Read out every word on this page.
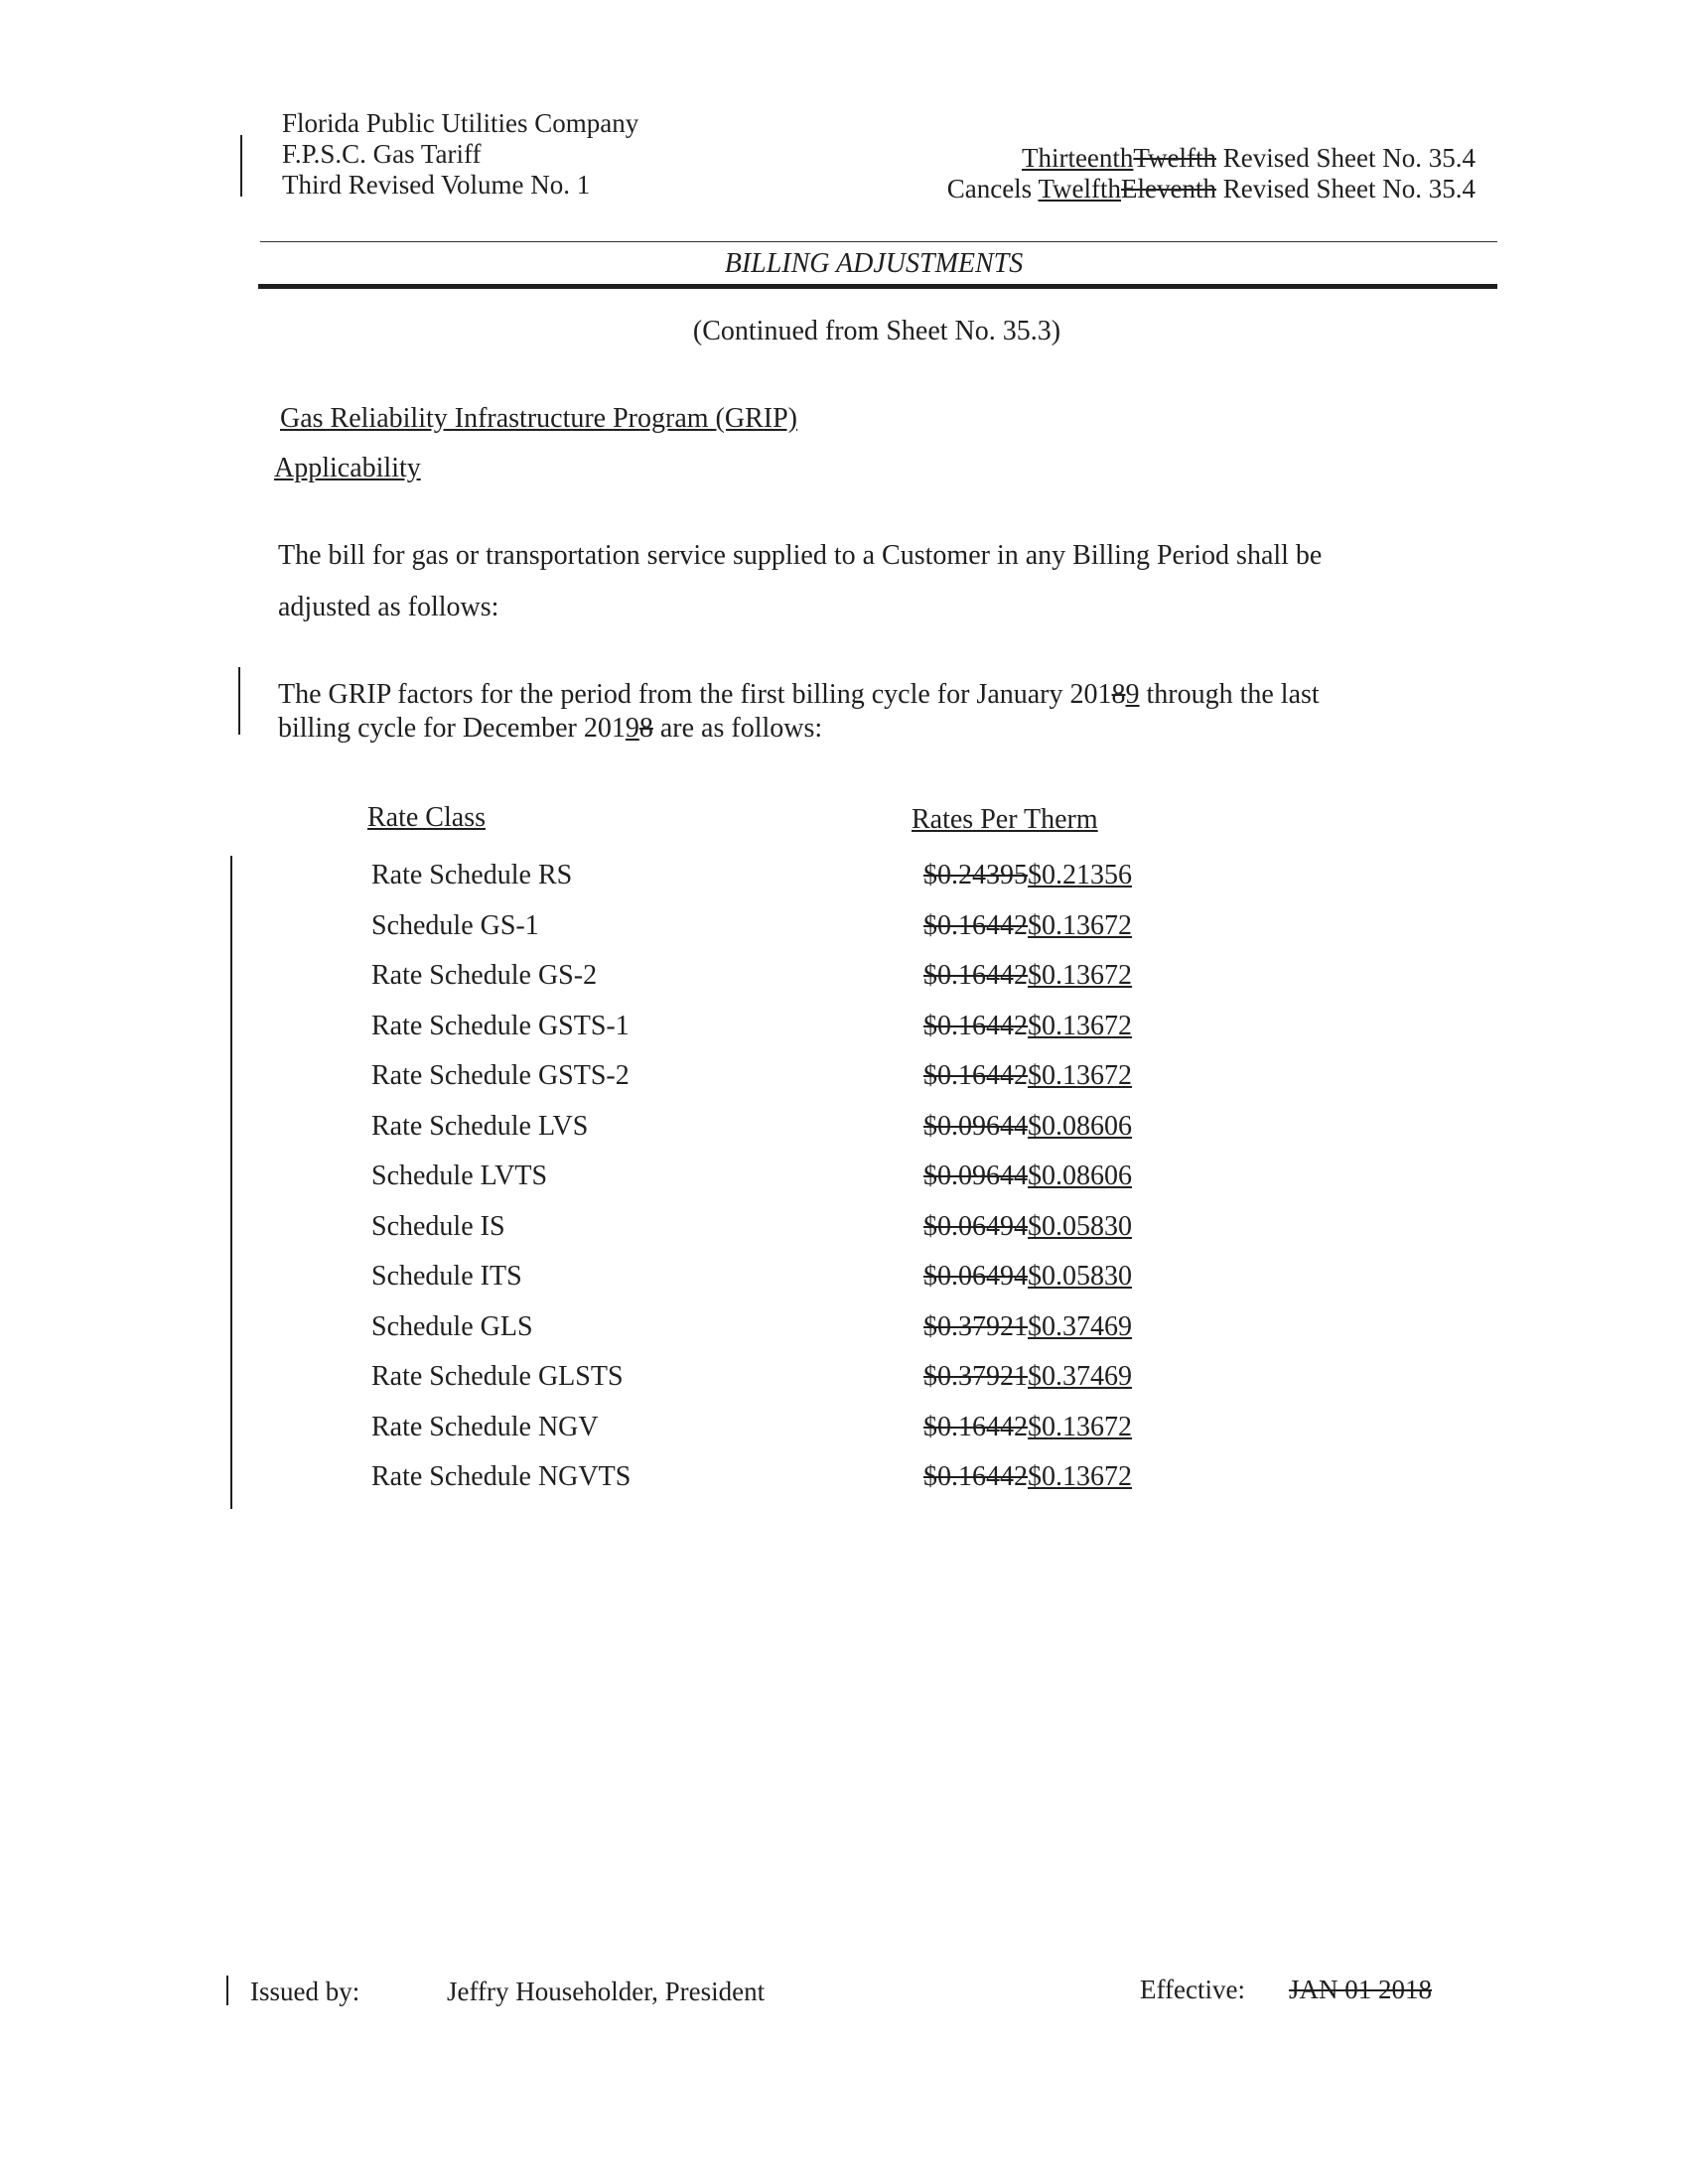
Florida Public Utilities Company
F.P.S.C. Gas Tariff
Third Revised Volume No. 1
ThirteenthTwelfth Revised Sheet No. 35.4
Cancels TwelfthEleventh Revised Sheet No. 35.4
BILLING ADJUSTMENTS
(Continued from Sheet No. 35.3)
Gas Reliability Infrastructure Program (GRIP)
Applicability
The bill for gas or transportation service supplied to a Customer in any Billing Period shall be
adjusted as follows:
The GRIP factors for the period from the first billing cycle for January 20189 through the last
billing cycle for December 20198 are as follows:
Rate Class	Rates Per Therm
Rate Schedule RS	$0.24395$0.21356
Schedule GS-1	$0.16442$0.13672
Rate Schedule GS-2	$0.16442$0.13672
Rate Schedule GSTS-1	$0.16442$0.13672
Rate Schedule GSTS-2	$0.16442$0.13672
Rate Schedule LVS	$0.09644$0.08606
Schedule LVTS	$0.09644$0.08606
Schedule IS	$0.06494$0.05830
Schedule ITS	$0.06494$0.05830
Schedule GLS	$0.37921$0.37469
Rate Schedule GLSTS	$0.37921$0.37469
Rate Schedule NGV	$0.16442$0.13672
Rate Schedule NGVTS	$0.16442$0.13672
Issued by:	Jeffry Householder, President	Effective: JAN 01 2018
